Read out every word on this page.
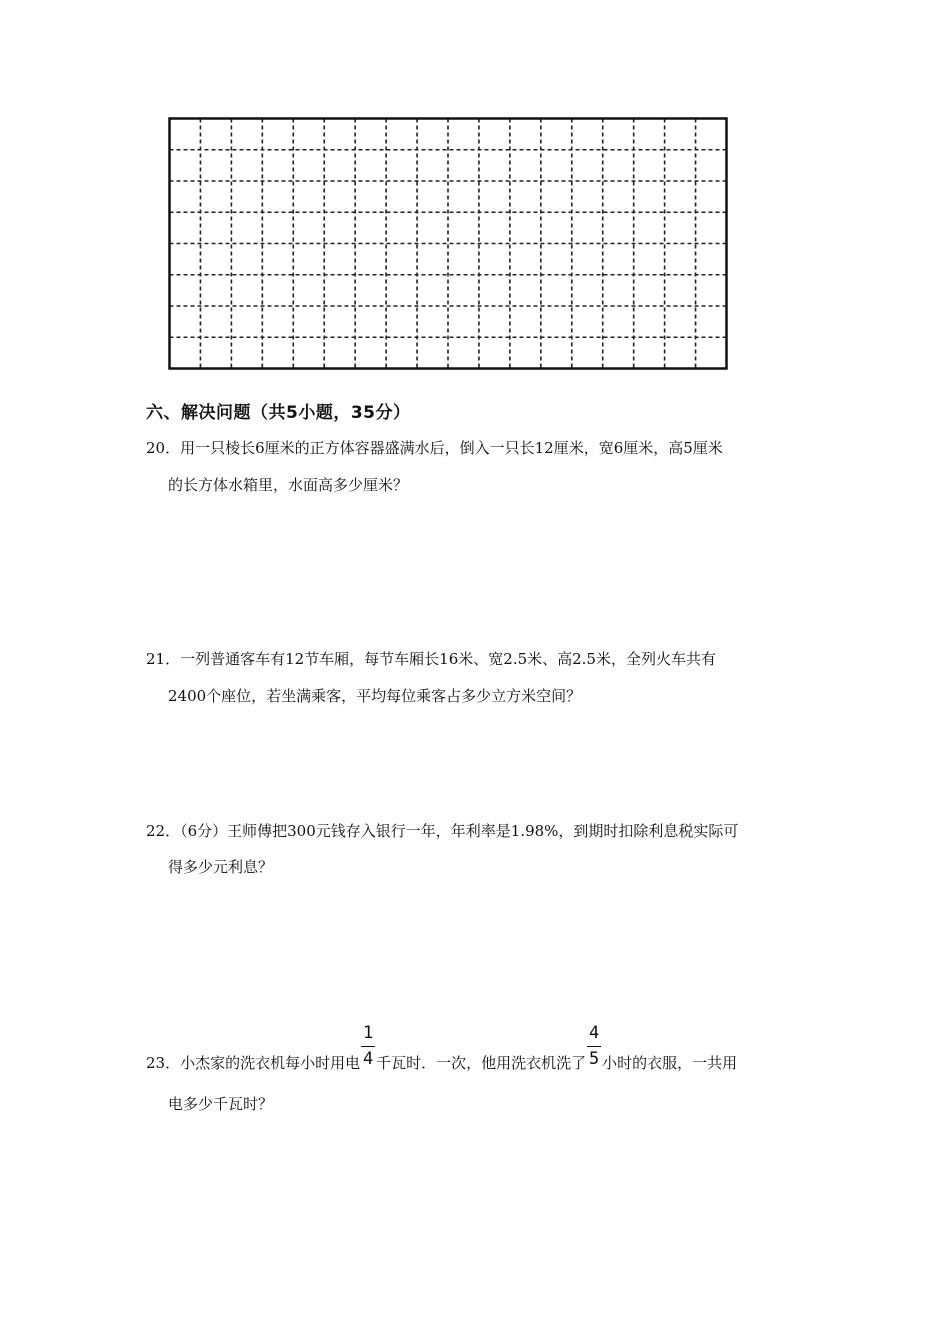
六、解决问题（共5小题，35分）
20．用一只棱长6厘米的正方体容器盛满水后，倒入一只长12厘米，宽6厘米，高5厘米
的长方体水箱里，水面高多少厘米？
21．一列普通客车有12节车厢，每节车厢长16米、宽2.5米、高2.5米，全列火车共有
2400个座位，若坐满乘客，平均每位乘客占多少立方米空间？
22．（6分）王师傅把300元钱存入银行一年，年利率是1.98%，到期时扣除利息税实际可
得多少元利息？
23．小杰家的洗衣机每小时用电 $\frac{1}{4}$ 千瓦时．一次，他用洗衣机洗了 $\frac{4}{5}$ 小时的衣服，一共用
电多少千瓦时？
